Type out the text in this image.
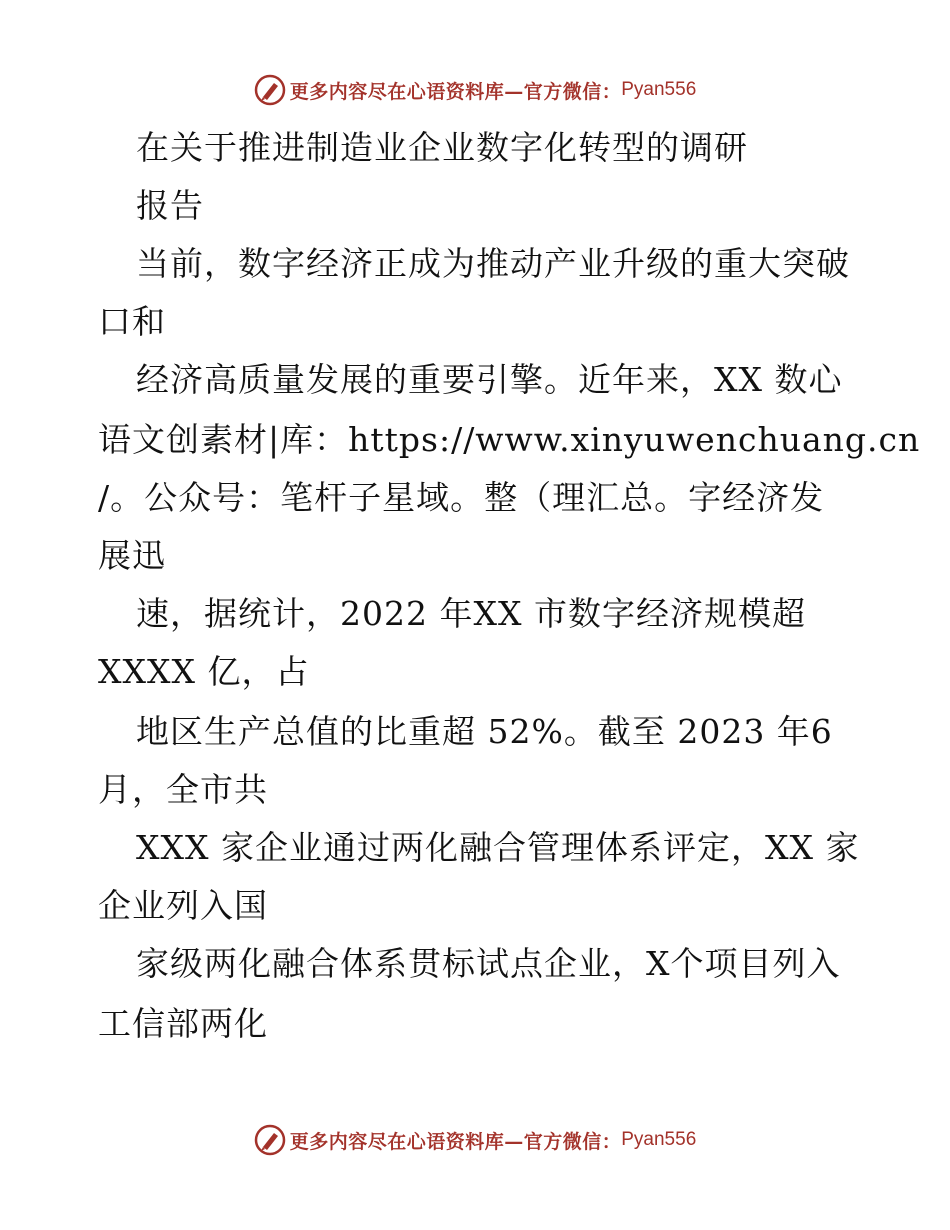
更多内容尽在心语资料库—官方微信： Pyan556
在关于推进制造业企业数字化转型的调研
报告
当前，数字经济正成为推动产业升级的重大突破
口和
经济高质量发展的重要引擎。近年来，XX 数心
语文创素材|库：https://www.xinyuwenchuang.cn
/。公众号：笔杆子星域。整（理汇总。字经济发
展迅
速，据统计，2022 年XX 市数字经济规模超
XXXX 亿，占
地区生产总值的比重超 52%。截至 2023 年6
月，全市共
XXX 家企业通过两化融合管理体系评定，XX 家
企业列入国
家级两化融合体系贯标试点企业，X个项目列入
工信部两化
更多内容尽在心语资料库—官方微信： Pyan556
